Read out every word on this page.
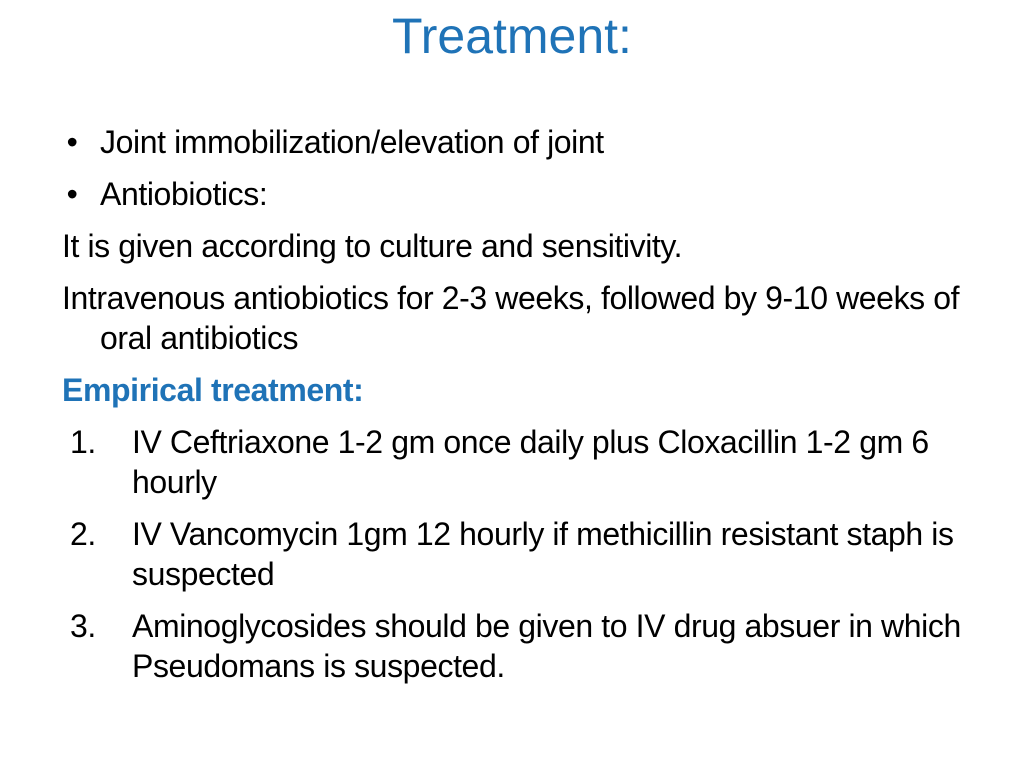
Treatment:
• Joint immobilization/elevation of joint
• Antiobiotics:
It is given according to culture and sensitivity.
Intravenous antiobiotics for 2-3 weeks, followed by 9-10 weeks of oral antibiotics
Empirical treatment:
1.	IV Ceftriaxone 1-2 gm once daily plus Cloxacillin 1-2 gm 6 hourly
2.	IV Vancomycin 1gm 12 hourly if methicillin resistant staph is suspected
3.	Aminoglycosides should be given to IV drug absuer in which Pseudomans is suspected.
